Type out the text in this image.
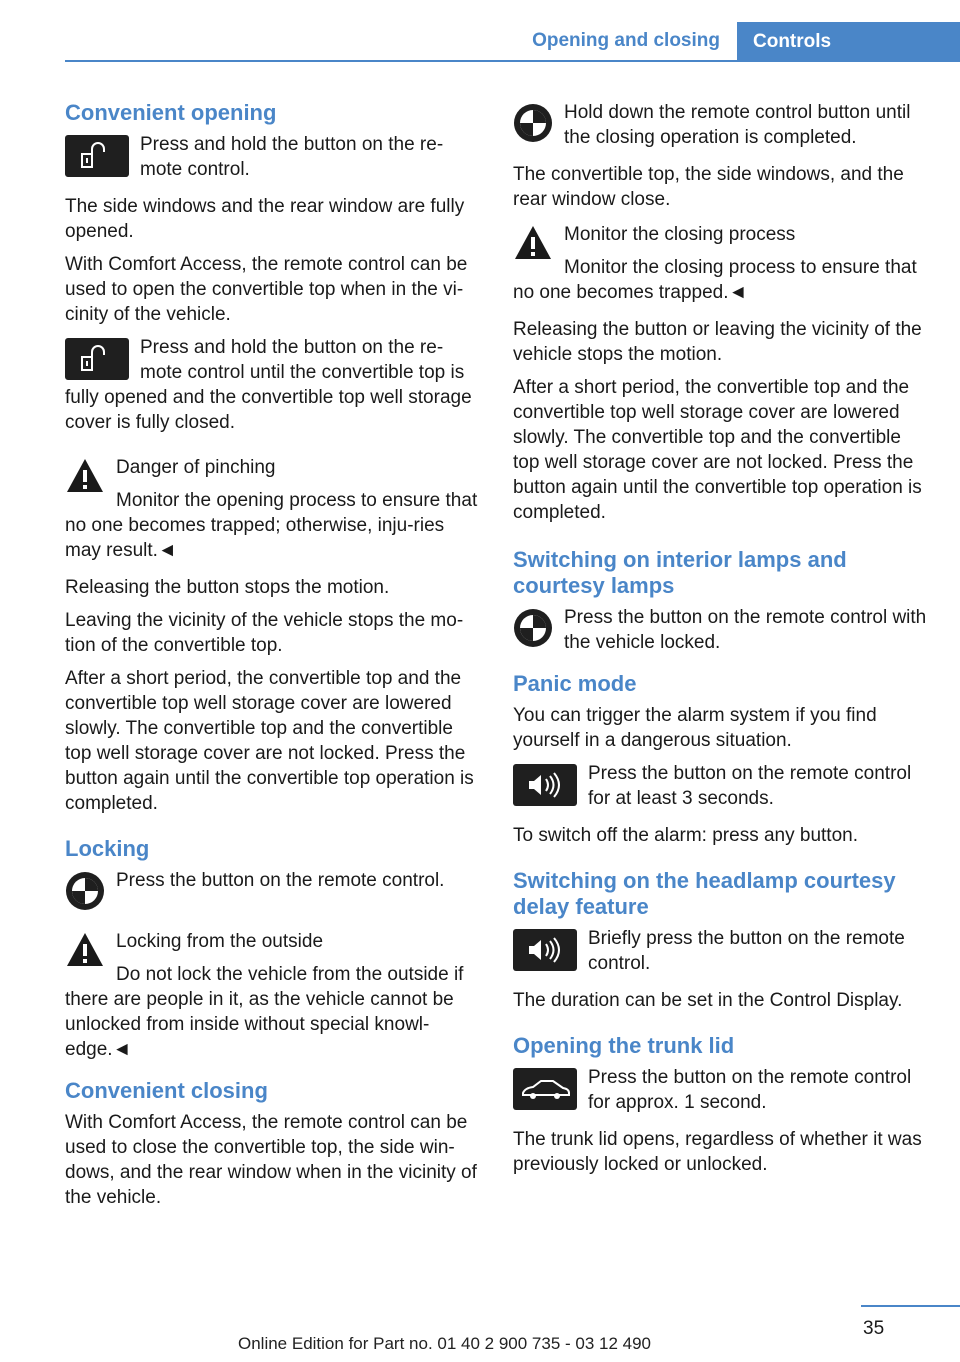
Opening and closing	Controls
Convenient opening
Press and hold the button on the re‐mote control.

The side windows and the rear window are fully opened.

With Comfort Access, the remote control can be used to open the convertible top when in the vi‐cinity of the vehicle.

Press and hold the button on the re‐mote control until the convertible top is fully opened and the convertible top well storage cover is fully closed.
Danger of pinching
Monitor the opening process to ensure that no one becomes trapped; otherwise, inju‐ries may result.◄

Releasing the button stops the motion.

Leaving the vicinity of the vehicle stops the mo‐tion of the convertible top.

After a short period, the convertible top and the convertible top well storage cover are lowered slowly. The convertible top and the convertible top well storage cover are not locked. Press the button again until the convertible top operation is completed.

Locking
Press the button on the remote control.
Locking from the outside
Do not lock the vehicle from the outside if there are people in it, as the vehicle cannot be unlocked from inside without special knowl‐edge.◄
Convenient closing

With Comfort Access, the remote control can be used to close the convertible top, the side win‐dows, and the rear window when in the vicinity of the vehicle.

Hold down the remote control button until the closing operation is completed.

The convertible top, the side windows, and the rear window close.

Monitor the closing process
Monitor the closing process to ensure that no one becomes trapped.◄

Releasing the button or leaving the vicinity of the vehicle stops the motion.

After a short period, the convertible top and the convertible top well storage cover are lowered slowly. The convertible top and the convertible top well storage cover are not locked. Press the button again until the convertible top operation is completed.

Switching on interior lamps and courtesy lamps
Press the button on the remote control with the vehicle locked.
Panic mode

You can trigger the alarm system if you find yourself in a dangerous situation.

Press the button on the remote control for at least 3 seconds.

To switch off the alarm: press any button.

Switching on the headlamp courtesy delay feature
Briefly press the button on the remote control.

The duration can be set in the Control Display.

Opening the trunk lid
Press the button on the remote control for approx. 1 second.

The trunk lid opens, regardless of whether it was previously locked or unlocked.

35
Online Edition for Part no. 01 40 2 900 735 - 03 12 490
